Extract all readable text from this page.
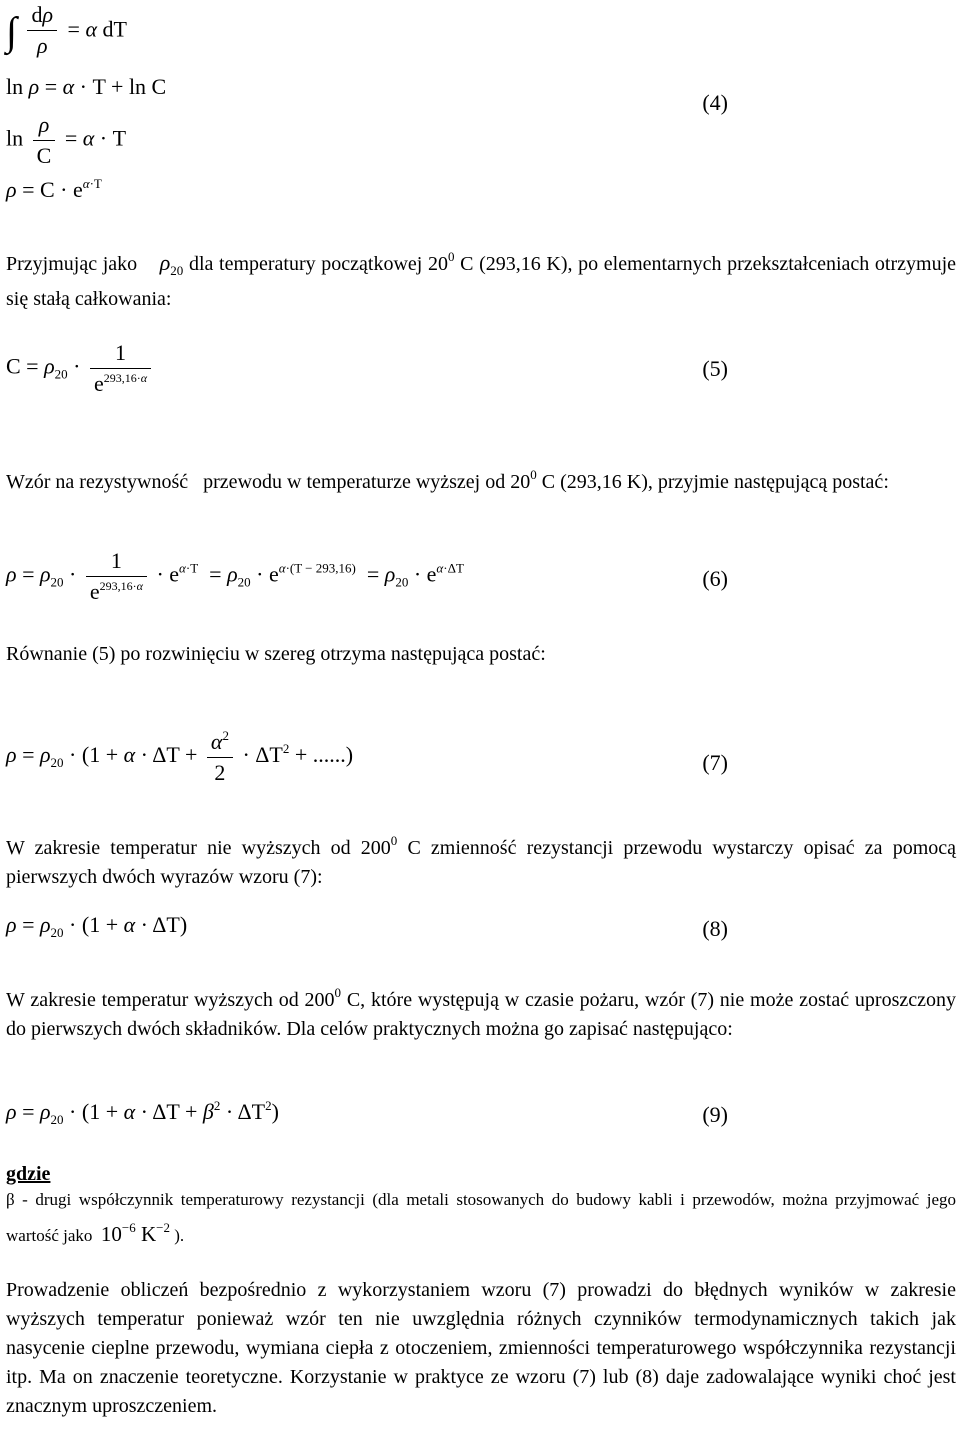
∫ $\frac{d\rho}{\rho} = \alpha$ dT
ln ρ = α · T + ln C
(4)
$\ln \frac{\rho}{C} = \alpha \cdot T$
$\rho = C \cdot e^{\alpha\cdot T}$
Przyjmując jako    $\rho_{20}$ dla temperatury początkowej $20^0$ C (293,16 K), po elementarnych przekształceniach otrzymuje się stałą całkowania:
$C = \rho_{20} \cdot \frac{1}{e^{293,16\cdot\alpha}}$	(5)
Wzór na rezystywność   przewodu w temperaturze wyższej od $20^0$ C (293,16 K), przyjmie następującą postać:
$\rho = \rho_{20} \cdot \frac{1}{e^{293,16\cdot\alpha}} \cdot e^{\alpha\cdot T} = \rho_{20} \cdot e^{\alpha\cdot(T - 293,16)} = \rho_{20} \cdot e^{\alpha\cdot\Delta T}$	(6)
Równanie (5) po rozwinięciu w szereg otrzyma następująca postać:
$\rho = \rho_{20} \cdot (1 + \alpha \cdot \Delta T + \frac{\alpha^2}{2} \cdot \Delta T^2$ + ......)	(7)
W zakresie temperatur nie wyższych od $200^0$ C zmienność rezystancji przewodu wystarczy opisać za pomocą pierwszych dwóch wyrazów wzoru (7):
$\rho = \rho_{20} \cdot (1 + \alpha \cdot \Delta T)$	(8)
W zakresie temperatur wyższych od $200^0$ C, które występują w czasie pożaru, wzór (7) nie może zostać uproszczony do pierwszych dwóch składników. Dla celów praktycznych można go zapisać następująco:
$\rho = \rho_{20} \cdot (1 + \alpha \cdot \Delta T + \beta^2 \cdot \Delta T^2)$	(9)
gdzie
β - drugi współczynnik temperaturowy rezystancji (dla metali stosowanych do budowy kabli i przewodów, można przyjmować jego wartość jako  $10^{-6}$ $K^{-2}$ ).
Prowadzenie obliczeń bezpośrednio z wykorzystaniem wzoru (7) prowadzi do błędnych wyników w zakresie wyższych temperatur ponieważ wzór ten nie uwzględnia różnych czynników termodynamicznych takich jak nasycenie cieplne przewodu, wymiana ciepła z otoczeniem, zmienności temperaturowego współczynnika rezystancji itp. Ma on znaczenie teoretyczne. Korzystanie w praktyce ze wzoru (7) lub (8) daje zadowalające wyniki choć jest znacznym uproszczeniem.
